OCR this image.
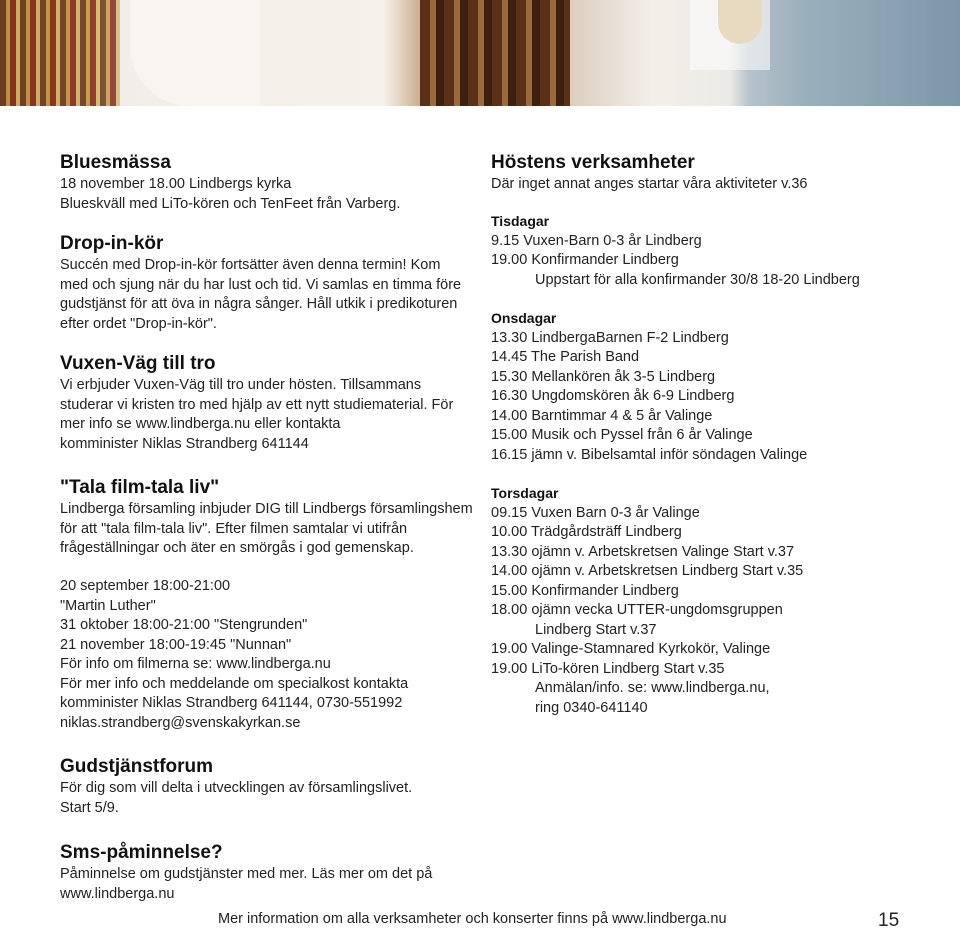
Bluesmässa

18 november 18.00 Lindbergs kyrka

Blueskväll med LiTo-kören och TenFeet från Varberg.

Drop-in-kör

Succén med Drop-in-kör fortsätter även denna termin! Kom

med och sjung när du har lust och tid. Vi samlas en timma före

gudstjänst för att öva in några sånger. Håll utkik i predikoturen

efter ordet "Drop-in-kör".

Vuxen-Väg till tro

Vi erbjuder Vuxen-Väg till tro under hösten. Tillsammans

studerar vi kristen tro med hjälp av ett nytt studiematerial. För

mer info se www.lindberga.nu eller kontakta

komminister Niklas Strandberg 641144

"Tala film-tala liv"

Lindberga församling inbjuder DIG till Lindbergs församlingshem

för att "tala film-tala liv". Efter filmen samtalar vi utifrån

frågeställningar och äter en smörgås i god gemenskap.

20 september 18:00-21:00

"Martin Luther"

31 oktober 18:00-21:00 "Stengrunden"

21 november 18:00-19:45 "Nunnan"

För info om filmerna se: www.lindberga.nu

För mer info och meddelande om specialkost kontakta

komminister Niklas Strandberg 641144, 0730-551992

niklas.strandberg@svenskakyrkan.se

Gudstjänstforum

För dig som vill delta i utvecklingen av församlingslivet.

Start 5/9.

Sms-påminnelse?

Påminnelse om gudstjänster med mer. Läs mer om det på

www.lindberga.nu

Höstens verksamheter

Där inget annat anges startar våra aktiviteter v.36

Tisdagar

9.15 Vuxen-Barn 0-3 år Lindberg

19.00 Konfirmander Lindberg

Uppstart för alla konfirmander 30/8 18-20 Lindberg

Onsdagar

13.30 LindbergaBarnen F-2 Lindberg

14.45 The Parish Band

15.30 Mellankören åk 3-5 Lindberg

16.30 Ungdomskören åk 6-9 Lindberg

14.00 Barntimmar 4 & 5 år Valinge

15.00 Musik och Pyssel från 6 år Valinge

16.15 jämn v. Bibelsamtal inför söndagen Valinge

Torsdagar

09.15 Vuxen Barn 0-3 år Valinge

10.00 Trädgårdsträff Lindberg

13.30 ojämn v. Arbetskretsen Valinge Start v.37

14.00 ojämn v. Arbetskretsen Lindberg Start v.35

15.00 Konfirmander Lindberg

18.00 ojämn vecka UTTER-ungdomsgruppen

Lindberg Start v.37

19.00 Valinge-Stamnared Kyrkokör, Valinge

19.00 LiTo-kören Lindberg Start v.35

Anmälan/info. se: www.lindberga.nu,

ring 0340-641140

Mer information om alla verksamheter och konserter finns på www.lindberga.nu	15
